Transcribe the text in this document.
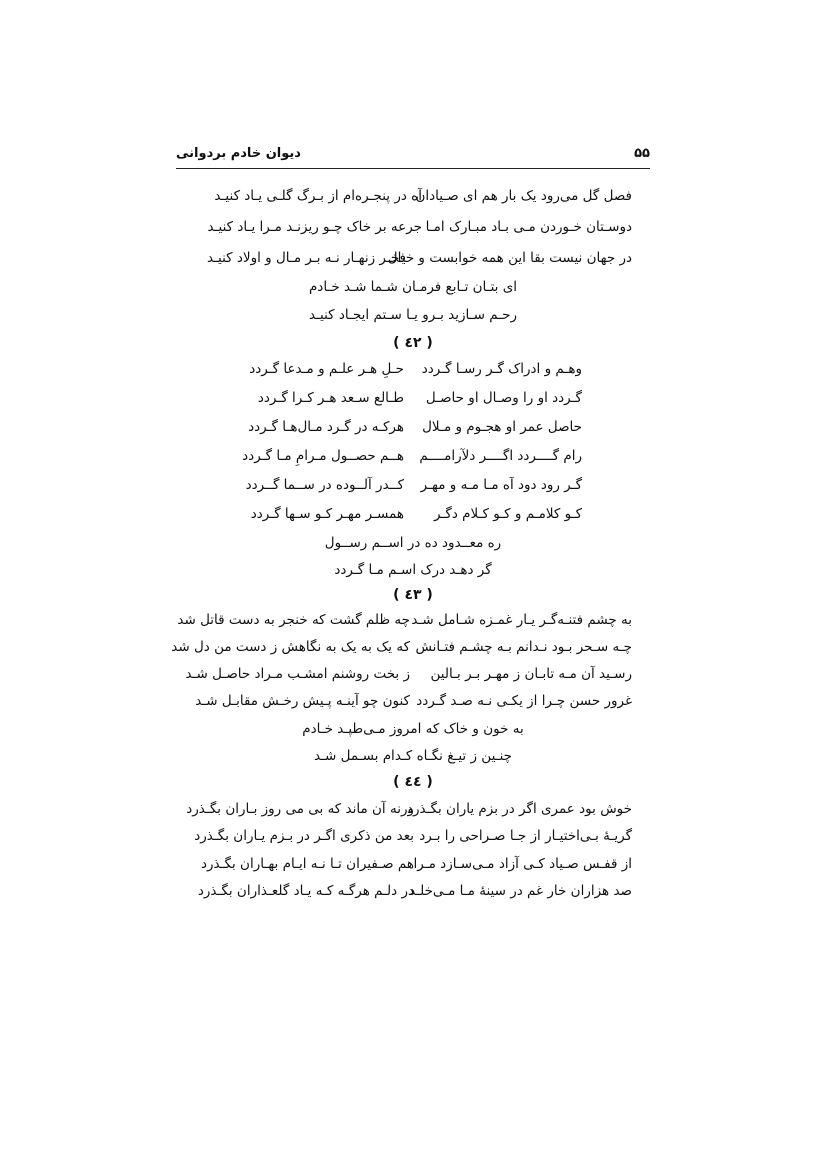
۵۵
دیوان خادم بردوانی
فصل گل می‌رود یک بار هم ای صـیادان
آه در پنجـره‌ام از بـرگ گلـی یـاد کنیـد
دوسـتان خـوردن مـی بـاد مبـارک امـا
جرعه بر خاک چـو ریزنـد مـرا یـاد کنیـد
در جهان نیست بقا این همه خوابست و خیال
فخـر زنهـار نـه بـر مـال و اولاد کنیـد
ای بتـان تـابع فرمـان شـما شـد خـادم
رحـم سـازید بـرو یـا سـتم ایجـاد کنیـد
( ٤٢ )
وهـم و ادراک گـر رسـا گـردد
حـلِ هـر علـم و مـدعا گـردد
گـردد او را وصـال او حاصـل
طـالع سـعد هـر کـرا گـردد
حاصل عمر او هجـوم و مـلال
هرکـه در گـرد مـال‌هـا گـردد
رام گــــردد اگــــر دلآرامــــم
هــم حصــول مـرامِ مـا گـردد
گـر رود دود آه مـا مـه و مهـر
کــدر آلــوده در ســما گــردد
کـو کلامـم و کـو کـلام دگـر
همسـر مهـر کـو سـها گـردد
ره معــدود ده در اســم رســول
گر دهـد درک اسـم مـا گـردد
( ٤٣ )
به چشم فتنـه‌گـر یـار غمـزه شـامل شـد
چه ظلم گشت که خنجر به دست قاتل شد
چـه سـحر بـود نـدانم بـه چشـم فتـانش
که یک به یک به نگاهش ز دست من دل شد
رسـید آن مـه تابـان ز مهـر بـر بـالین
ز بخت روشنم امشـب مـراد حاصـل شـد
غرور حسن چـرا از یکـی نـه صـد گـردد
کنون چو آینـه پـیش رخـش مقابـل شـد
به خون و خاک که امروز مـی‌طپـد خـادم
چنـین ز تیـغ نگـاه کـدام بسـمل شـد
( ٤٤ )
خوش بود عمری اگر در بزم یاران بگـذرد
ورنه آن ماند که بی می روز بـاران بگـذرد
گریـهٔ بـی‌اختیـار از جـا صـراحی را بـرد
بعد من ذکری اگـر در بـزم یـاران بگـذرد
از قفـس صـیاد کـی آزاد مـی‌سـازد مـرا
هم صـفیران تـا نـه ایـام بهـاران بگـذرد
صد هزاران خار غم در سینهٔ مـا مـی‌خلـد
در دلـم هرگـه کـه یـاد گلعـذاران بگـذرد
